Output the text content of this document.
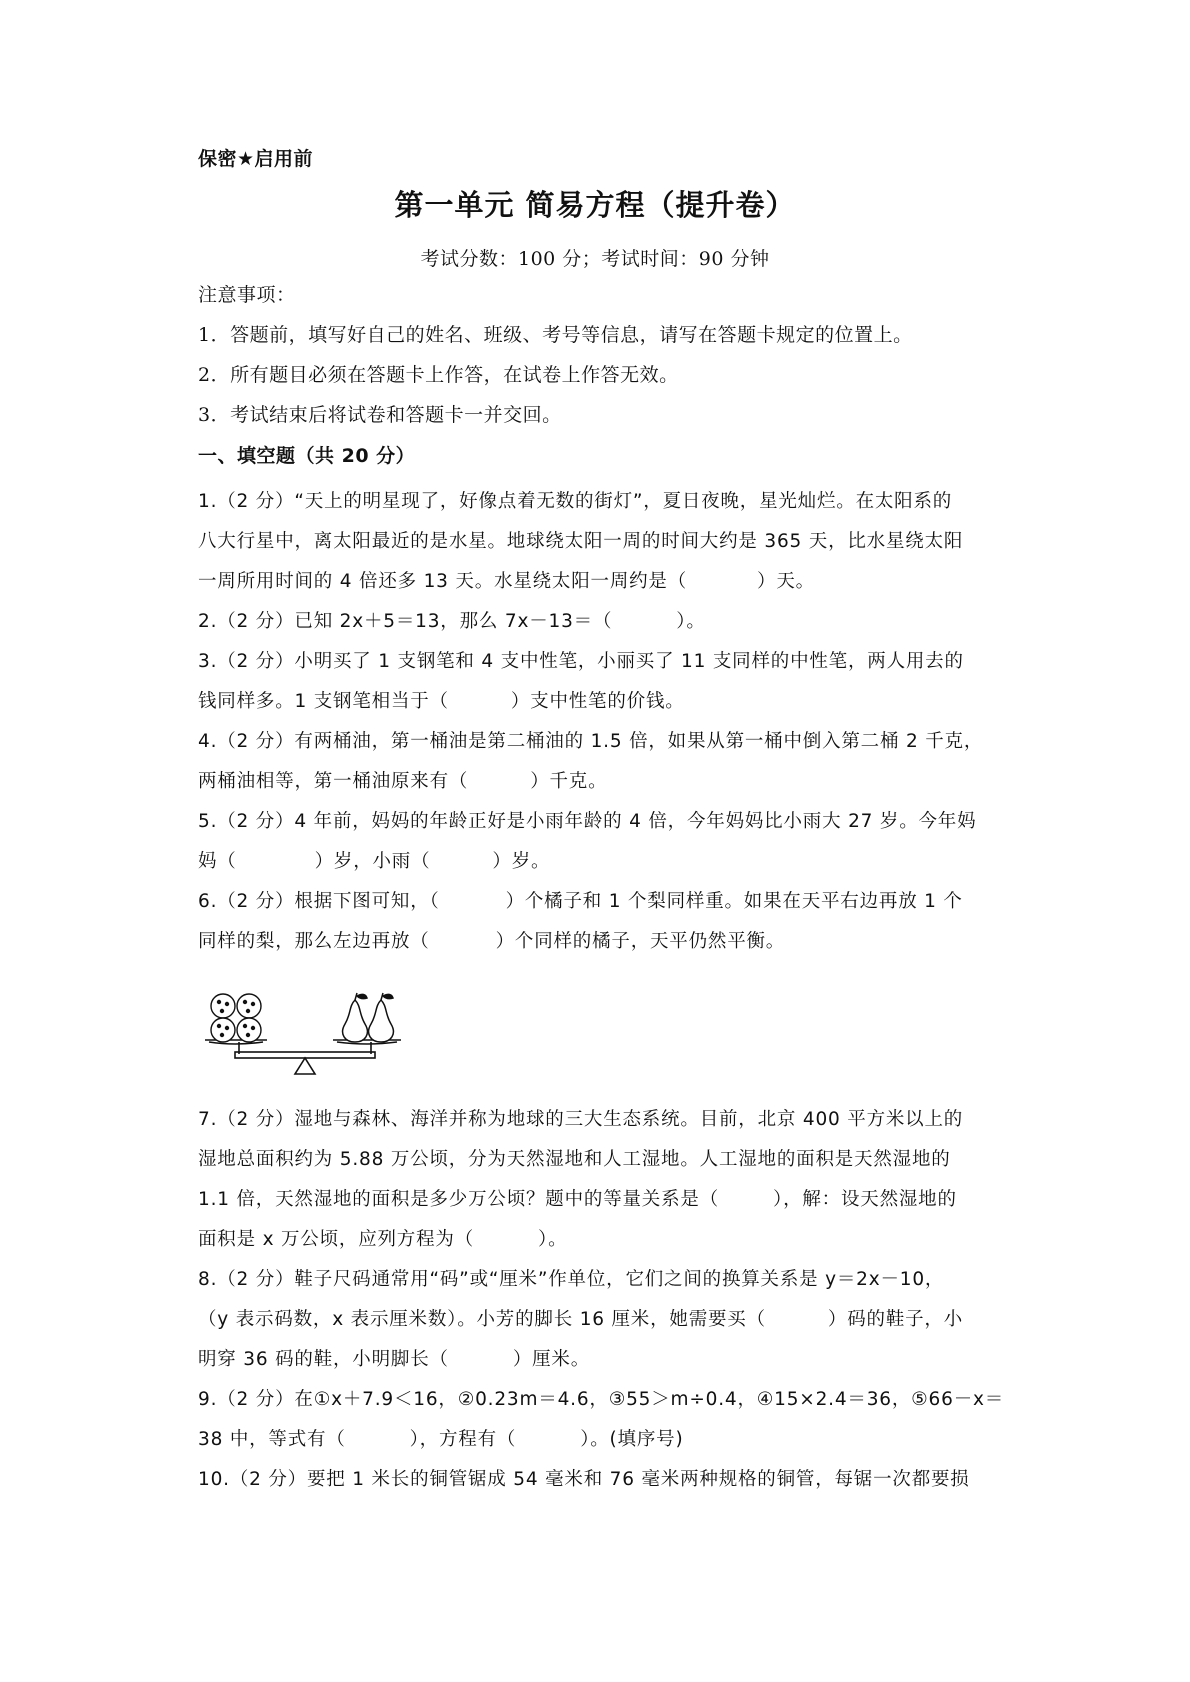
保密★启用前
第一单元 简易方程（提升卷）
考试分数：100 分；考试时间：90 分钟
注意事项：
1．答题前，填写好自己的姓名、班级、考号等信息，请写在答题卡规定的位置上。
2．所有题目必须在答题卡上作答，在试卷上作答无效。
3．考试结束后将试卷和答题卡一并交回。
一、填空题（共 20 分）
1.（2 分）“天上的明星现了，好像点着无数的街灯”，夏日夜晚，星光灿烂。在太阳系的
八大行星中，离太阳最近的是水星。地球绕太阳一周的时间大约是 365 天，比水星绕太阳
一周所用时间的 4 倍还多 13 天。水星绕太阳一周约是（	）天。
2.（2 分）已知 2x＋5＝13，那么 7x－13＝（	）。
3.（2 分）小明买了 1 支钢笔和 4 支中性笔，小丽买了 11 支同样的中性笔，两人用去的
钱同样多。1 支钢笔相当于（	）支中性笔的价钱。
4.（2 分）有两桶油，第一桶油是第二桶油的 1.5 倍，如果从第一桶中倒入第二桶 2 千克，
两桶油相等，第一桶油原来有（	）千克。
5.（2 分）4 年前，妈妈的年龄正好是小雨年龄的 4 倍，今年妈妈比小雨大 27 岁。今年妈
妈（	）岁，小雨（	）岁。
6.（2 分）根据下图可知，（	）个橘子和 1 个梨同样重。如果在天平右边再放 1 个
同样的梨，那么左边再放（	）个同样的橘子，天平仍然平衡。
7.（2 分）湿地与森林、海洋并称为地球的三大生态系统。目前，北京 400 平方米以上的
湿地总面积约为 5.88 万公顷，分为天然湿地和人工湿地。人工湿地的面积是天然湿地的
1.1 倍，天然湿地的面积是多少万公顷？题中的等量关系是（	），解：设天然湿地的
面积是 x 万公顷，应列方程为（	）。
8.（2 分）鞋子尺码通常用“码”或“厘米”作单位，它们之间的换算关系是 y＝2x－10，
（y 表示码数，x 表示厘米数）。小芳的脚长 16 厘米，她需要买（	）码的鞋子，小
明穿 36 码的鞋，小明脚长（	）厘米。
9.（2 分）在①x＋7.9＜16，②0.23m＝4.6，③55＞m÷0.4，④15×2.4＝36，⑤66－x＝
38 中，等式有（	），方程有（	）。(填序号)
10.（2 分）要把 1 米长的铜管锯成 54 毫米和 76 毫米两种规格的铜管，每锯一次都要损
